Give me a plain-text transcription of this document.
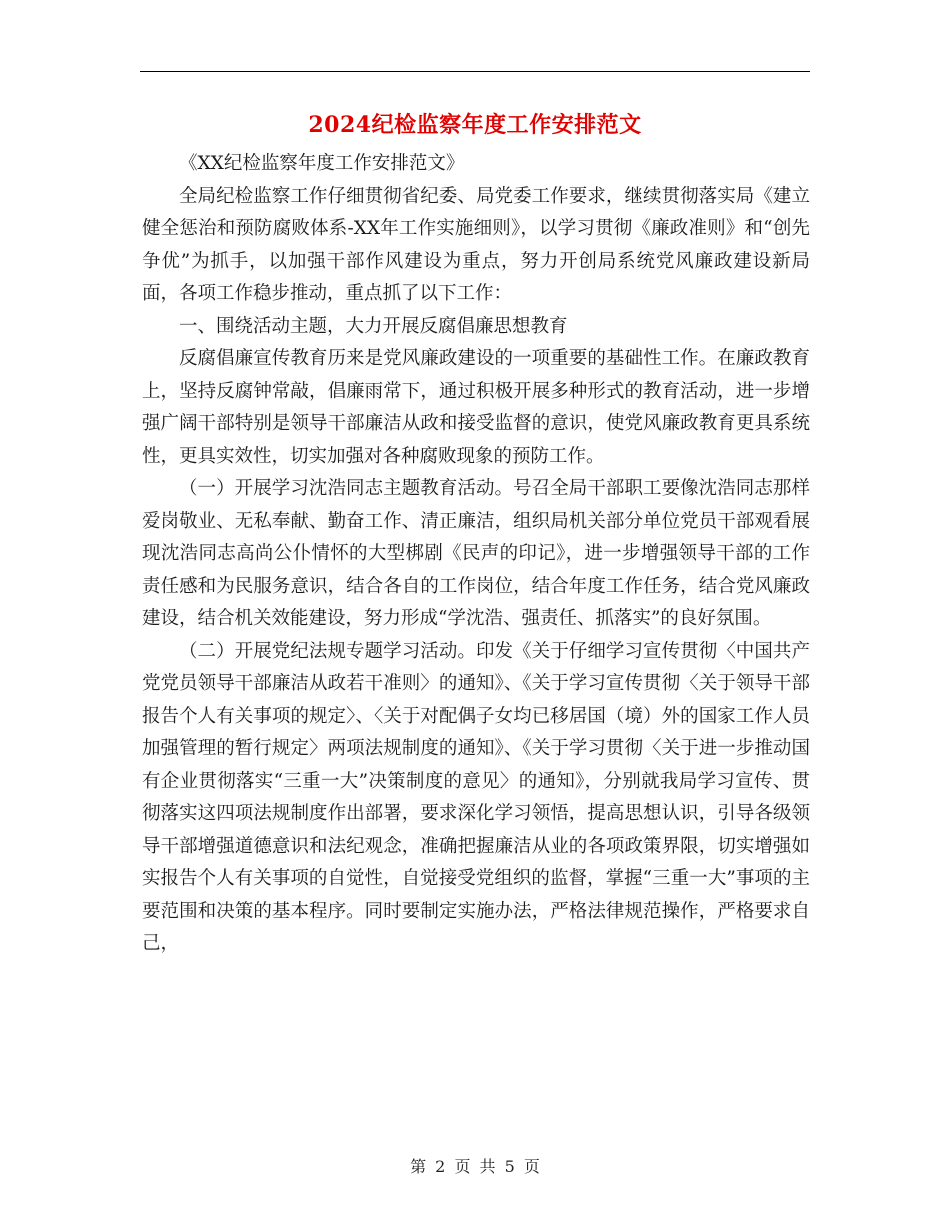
2024纪检监察年度工作安排范文

《XX纪检监察年度工作安排范文》

全局纪检监察工作仔细贯彻省纪委、局党委工作要求，继续贯彻落实局《建立健全惩治和预防腐败体系-XX年工作实施细则》，以学习贯彻《廉政准则》和“创先争优”为抓手，以加强干部作风建设为重点，努力开创局系统党风廉政建设新局面，各项工作稳步推动，重点抓了以下工作：

一、围绕活动主题，大力开展反腐倡廉思想教育

反腐倡廉宣传教育历来是党风廉政建设的一项重要的基础性工作。在廉政教育上，坚持反腐钟常敲，倡廉雨常下，通过积极开展多种形式的教育活动，进一步增强广阔干部特别是领导干部廉洁从政和接受监督的意识，使党风廉政教育更具系统性，更具实效性，切实加强对各种腐败现象的预防工作。

（一）开展学习沈浩同志主题教育活动。号召全局干部职工要像沈浩同志那样爱岗敬业、无私奉献、勤奋工作、清正廉洁，组织局机关部分单位党员干部观看展现沈浩同志高尚公仆情怀的大型梆剧《民声的印记》，进一步增强领导干部的工作责任感和为民服务意识，结合各自的工作岗位，结合年度工作任务，结合党风廉政建设，结合机关效能建设，努力形成“学沈浩、强责任、抓落实”的良好氛围。

（二）开展党纪法规专题学习活动。印发《关于仔细学习宣传贯彻〈中国共产党党员领导干部廉洁从政若干准则〉的通知》、《关于学习宣传贯彻〈关于领导干部报告个人有关事项的规定〉、〈关于对配偶子女均已移居国（境）外的国家工作人员加强管理的暂行规定〉两项法规制度的通知》、《关于学习贯彻〈关于进一步推动国有企业贯彻落实“三重一大”决策制度的意见〉的通知》，分别就我局学习宣传、贯彻落实这四项法规制度作出部署，要求深化学习领悟，提高思想认识，引导各级领导干部增强道德意识和法纪观念，准确把握廉洁从业的各项政策界限，切实增强如实报告个人有关事项的自觉性，自觉接受党组织的监督，掌握“三重一大”事项的主要范围和决策的基本程序。同时要制定实施办法，严格法律规范操作，严格要求自己，

第 2 页 共 5 页
